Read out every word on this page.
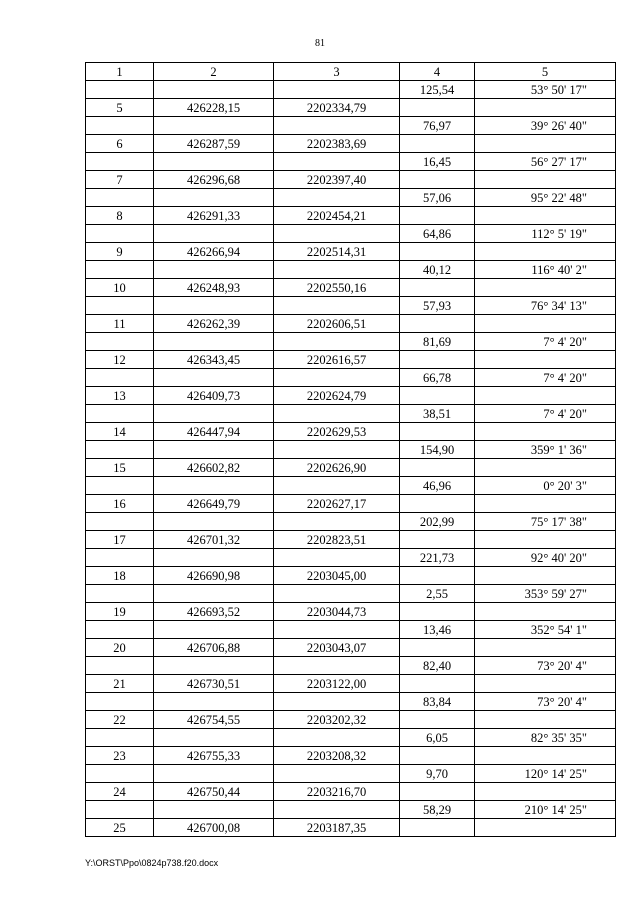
81
1	2	3	4	5
			125,54	53° 50' 17"
5	426228,15	2202334,79		
			76,97	39° 26' 40"
6	426287,59	2202383,69		
			16,45	56° 27' 17"
7	426296,68	2202397,40		
			57,06	95° 22' 48"
8	426291,33	2202454,21		
			64,86	112° 5' 19"
9	426266,94	2202514,31		
			40,12	116° 40' 2"
10	426248,93	2202550,16		
			57,93	76° 34' 13"
11	426262,39	2202606,51		
			81,69	7° 4' 20"
12	426343,45	2202616,57		
			66,78	7° 4' 20"
13	426409,73	2202624,79		
			38,51	7° 4' 20"
14	426447,94	2202629,53		
			154,90	359° 1' 36"
15	426602,82	2202626,90		
			46,96	0° 20' 3"
16	426649,79	2202627,17		
			202,99	75° 17' 38"
17	426701,32	2202823,51		
			221,73	92° 40' 20"
18	426690,98	2203045,00		
			2,55	353° 59' 27"
19	426693,52	2203044,73		
			13,46	352° 54' 1"
20	426706,88	2203043,07		
			82,40	73° 20' 4"
21	426730,51	2203122,00		
			83,84	73° 20' 4"
22	426754,55	2203202,32		
			6,05	82° 35' 35"
23	426755,33	2203208,32		
			9,70	120° 14' 25"
24	426750,44	2203216,70		
			58,29	210° 14' 25"
25	426700,08	2203187,35		
Y:\ORST\Ppo\0824p738.f20.docx
